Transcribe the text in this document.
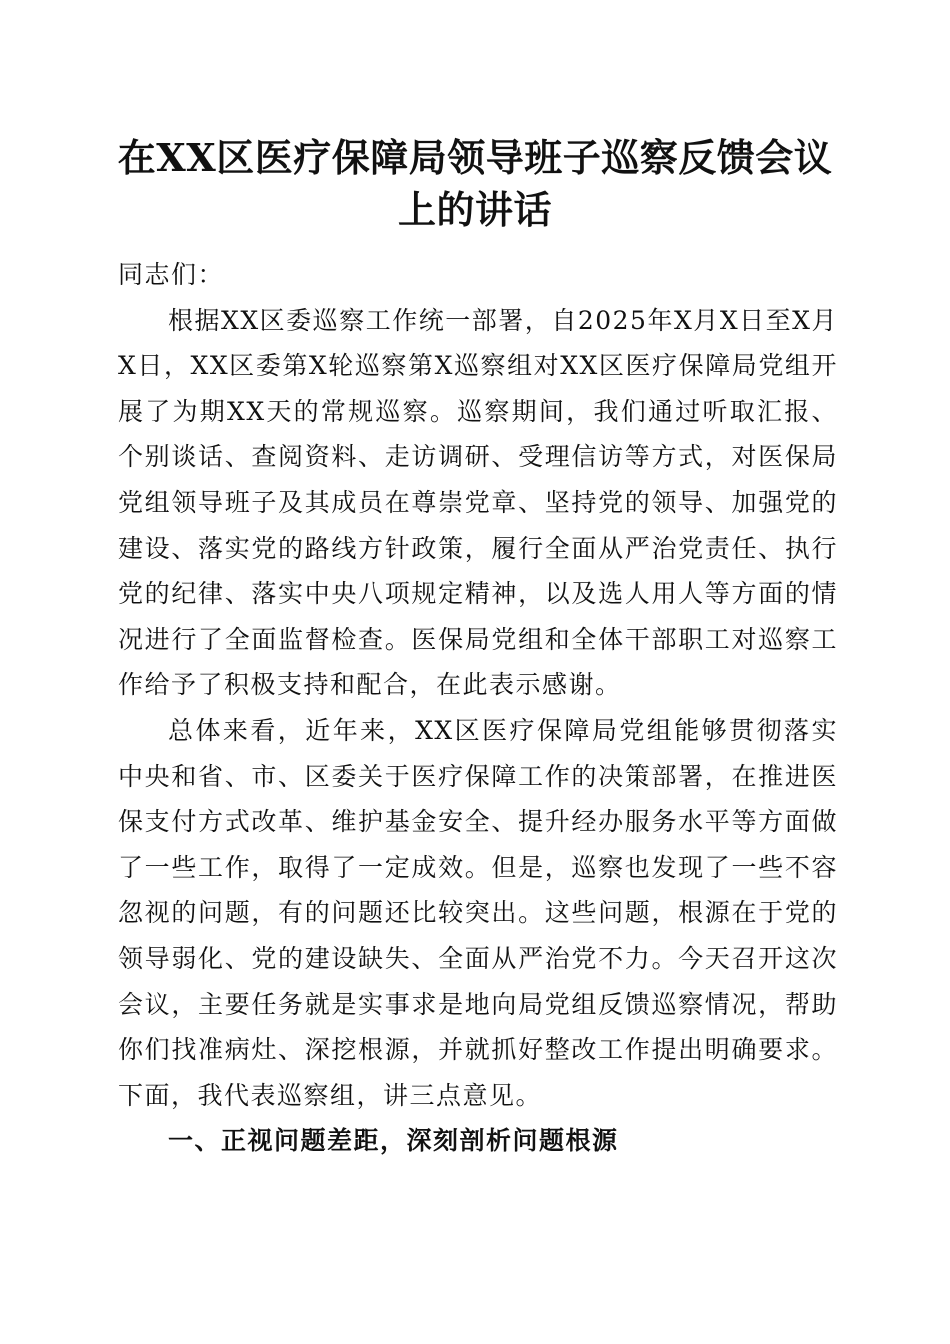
在XX区医疗保障局领导班子巡察反馈会议上的讲话

同志们：

根据XX区委巡察工作统一部署，自2025年X月X日至X月X日，XX区委第X轮巡察第X巡察组对XX区医疗保障局党组开展了为期XX天的常规巡察。巡察期间，我们通过听取汇报、个别谈话、查阅资料、走访调研、受理信访等方式，对医保局党组领导班子及其成员在尊崇党章、坚持党的领导、加强党的建设、落实党的路线方针政策，履行全面从严治党责任、执行党的纪律、落实中央八项规定精神，以及选人用人等方面的情况进行了全面监督检查。医保局党组和全体干部职工对巡察工作给予了积极支持和配合，在此表示感谢。

总体来看，近年来，XX区医疗保障局党组能够贯彻落实中央和省、市、区委关于医疗保障工作的决策部署，在推进医保支付方式改革、维护基金安全、提升经办服务水平等方面做了一些工作，取得了一定成效。但是，巡察也发现了一些不容忽视的问题，有的问题还比较突出。这些问题，根源在于党的领导弱化、党的建设缺失、全面从严治党不力。今天召开这次会议，主要任务就是实事求是地向局党组反馈巡察情况，帮助你们找准病灶、深挖根源，并就抓好整改工作提出明确要求。下面，我代表巡察组，讲三点意见。

一、正视问题差距，深刻剖析问题根源
